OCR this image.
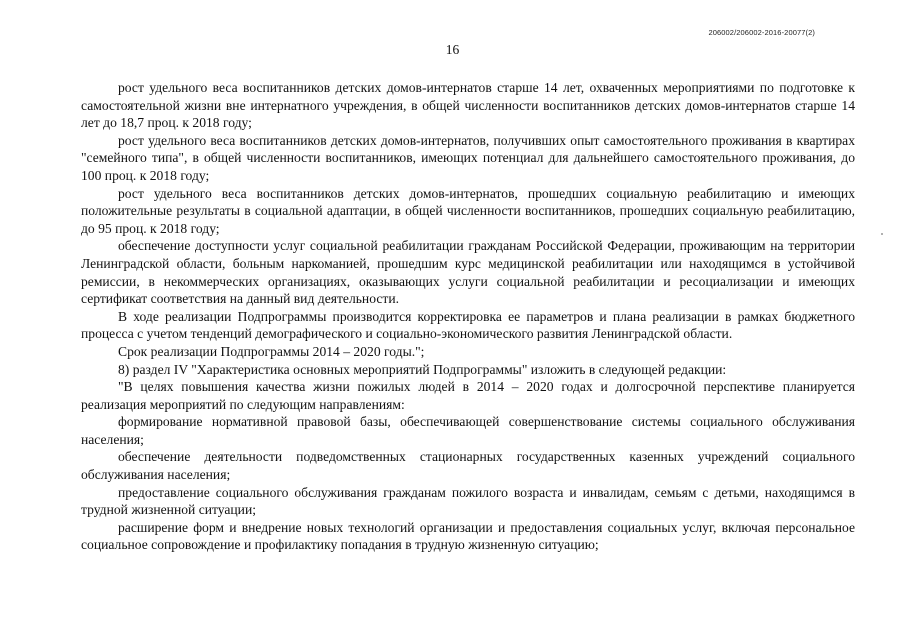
206002/206002-2016-20077(2)
16

рост удельного веса воспитанников детских домов-интернатов старше 14 лет, охваченных мероприятиями по подготовке к самостоятельной жизни вне интернатного учреждения, в общей численности воспитанников детских домов-интернатов старше 14 лет до 18,7 проц. к 2018 году;

рост удельного веса воспитанников детских домов-интернатов, получивших опыт самостоятельного проживания в квартирах "семейного типа", в общей численности воспитанников, имеющих потенциал для дальнейшего самостоятельного проживания, до 100 проц. к 2018 году;

рост удельного веса воспитанников детских домов-интернатов, прошедших социальную реабилитацию и имеющих положительные результаты в социальной адаптации, в общей численности воспитанников, прошедших социальную реабилитацию, до 95 проц. к 2018 году;

обеспечение доступности услуг социальной реабилитации гражданам Российской Федерации, проживающим на территории Ленинградской области, больным наркоманией, прошедшим курс медицинской реабилитации или находящимся в устойчивой ремиссии, в некоммерческих организациях, оказывающих услуги социальной реабилитации и ресоциализации и имеющих сертификат соответствия на данный вид деятельности.

В ходе реализации Подпрограммы производится корректировка ее параметров и плана реализации в рамках бюджетного процесса с учетом тенденций демографического и социально-экономического развития Ленинградской области.

Срок реализации Подпрограммы 2014 – 2020 годы.";

8) раздел IV "Характеристика основных мероприятий Подпрограммы" изложить в следующей редакции:

"В целях повышения качества жизни пожилых людей в 2014 – 2020 годах и долгосрочной перспективе планируется реализация мероприятий по следующим направлениям:

формирование нормативной правовой базы, обеспечивающей совершенствование системы социального обслуживания населения;

обеспечение деятельности подведомственных стационарных государственных казенных учреждений социального обслуживания населения;

предоставление социального обслуживания гражданам пожилого возраста и инвалидам, семьям с детьми, находящимся в трудной жизненной ситуации;

расширение форм и внедрение новых технологий организации и предоставления социальных услуг, включая персональное социальное сопровождение и профилактику попадания в трудную жизненную ситуацию;
